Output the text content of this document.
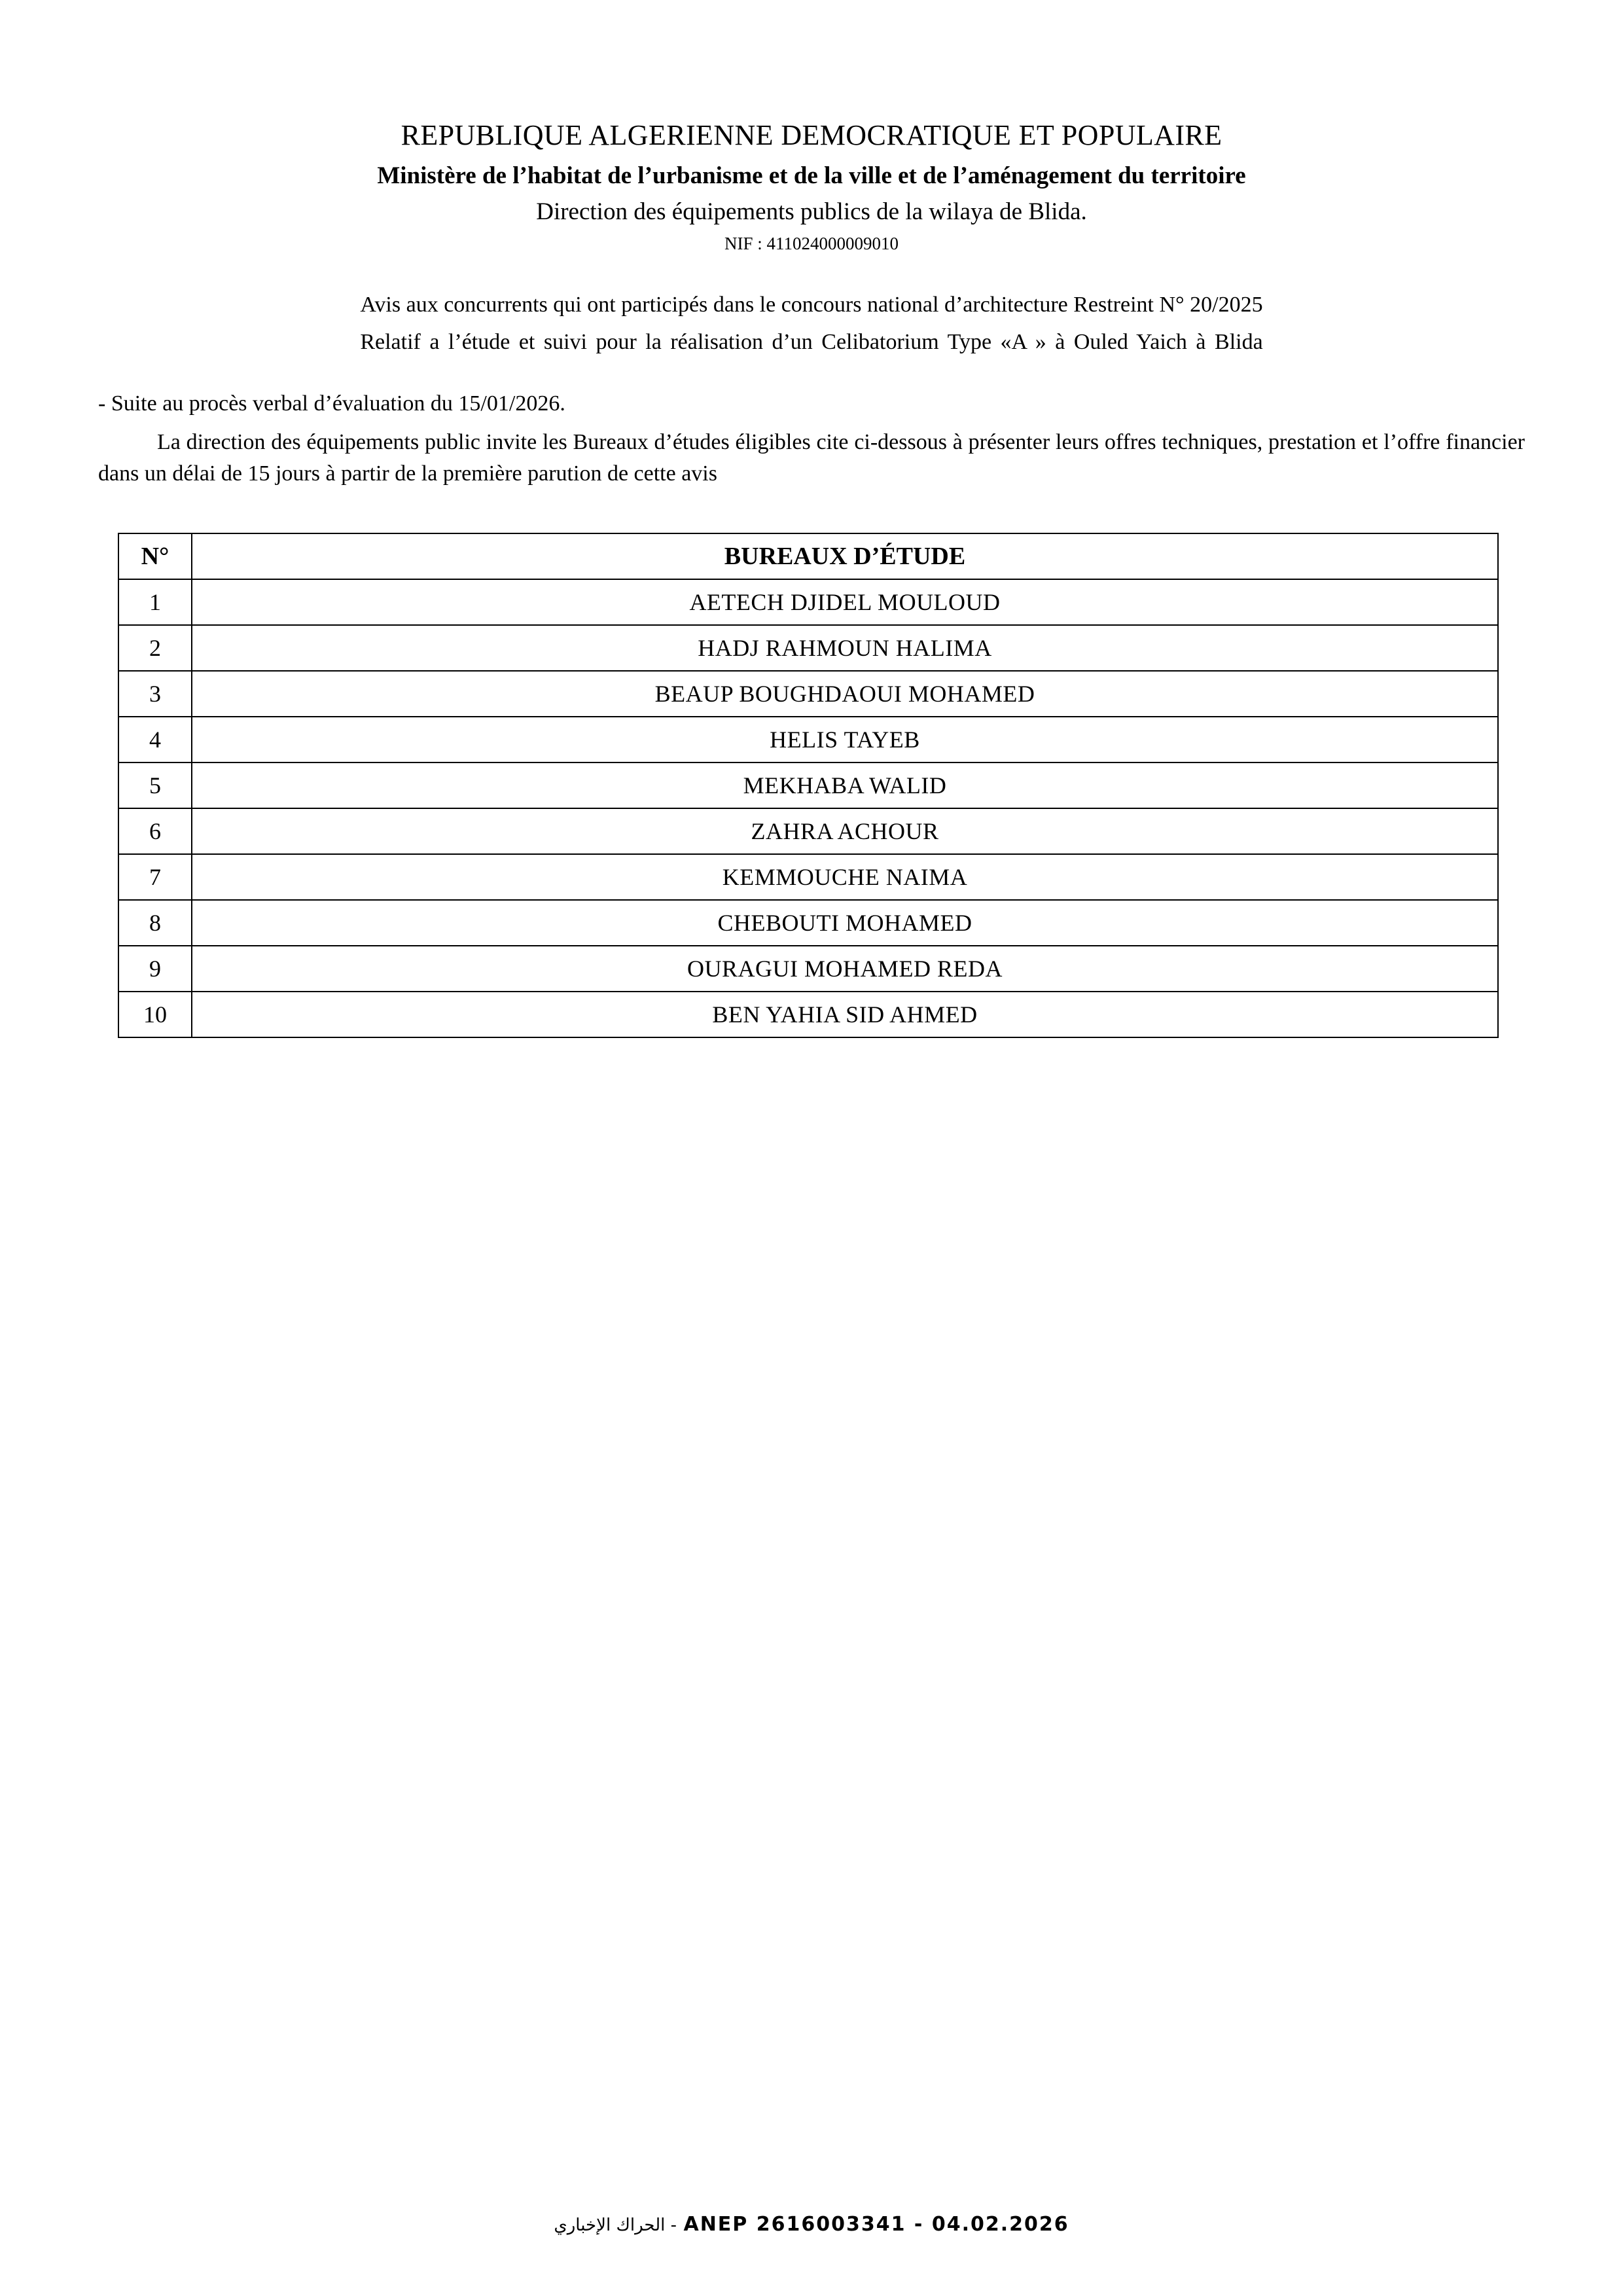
REPUBLIQUE ALGERIENNE DEMOCRATIQUE ET POPULAIRE
Ministère de l’habitat de l’urbanisme et de la ville et de l’aménagement du territoire
Direction des équipements publics de la wilaya de Blida.
NIF : 411024000009010
Avis aux concurrents qui ont participés dans le concours national d’architecture Restreint N° 20/2025
Relatif a l’étude et suivi pour la réalisation d’un Celibatorium Type «A » à Ouled Yaich à Blida
- Suite au procès verbal d’évaluation du 15/01/2026.
La direction des équipements public invite les Bureaux d’études éligibles cite ci-dessous à présenter leurs offres techniques, prestation et l’offre financier dans un délai de 15 jours à partir de la première parution de cette avis
N°	BUREAUX D’ÉTUDE
1	AETECH DJIDEL MOULOUD
2	HADJ RAHMOUN HALIMA
3	BEAUP BOUGHDAOUI MOHAMED
4	HELIS TAYEB
5	MEKHABA WALID
6	ZAHRA ACHOUR
7	KEMMOUCHE NAIMA
8	CHEBOUTI MOHAMED
9	OURAGUI MOHAMED REDA
10	BEN YAHIA SID AHMED
الحراك الإخباري - ANEP 2616003341 - 04.02.2026
